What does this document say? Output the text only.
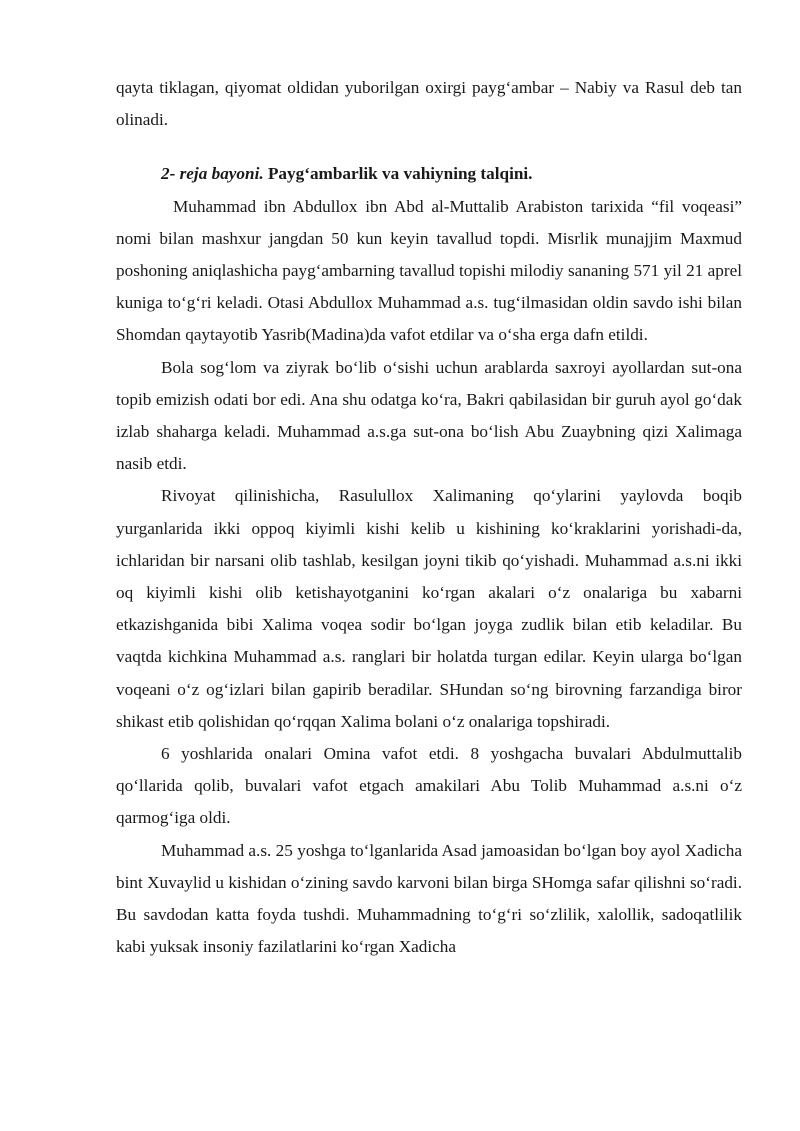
qayta tiklagan, qiyomat oldidan yuborilgan oxirgi payg‘ambar – Nabiy va Rasul deb tan olinadi.

2- reja bayoni. Payg‘ambarlik va vahiyning talqini.

Muhammad ibn Abdullox ibn Abd al-Muttalib Arabiston tarixida “fil voqeasi” nomi bilan mashxur jangdan 50 kun keyin tavallud topdi. Misrlik munajjim Maxmud poshoning aniqlashicha payg‘ambarning tavallud topishi milodiy sananing 571 yil 21 aprel kuniga to‘g‘ri keladi. Otasi Abdullox Muhammad a.s. tug‘ilmasidan oldin savdo ishi bilan Shomdan qaytayotib Yasrib(Madina)da vafot etdilar va o‘sha erga dafn etildi.

Bola sog‘lom va ziyrak bo‘lib o‘sishi uchun arablarda saxroyi ayollardan sut-ona topib emizish odati bor edi. Ana shu odatga ko‘ra, Bakri qabilasidan bir guruh ayol go‘dak izlab shaharga keladi. Muhammad a.s.ga sut-ona bo‘lish Abu Zuaybning qizi Xalimaga nasib etdi.

Rivoyat qilinishicha, Rasulullox Xalimaning qo‘ylarini yaylovda boqib yurganlarida ikki oppoq kiyimli kishi kelib u kishining ko‘kraklarini yorishadi-da, ichlaridan bir narsani olib tashlab, kesilgan joyni tikib qo‘yishadi. Muhammad a.s.ni ikki oq kiyimli kishi olib ketishayotganini ko‘rgan akalari o‘z onalariga bu xabarni etkazishganida bibi Xalima voqea sodir bo‘lgan joyga zudlik bilan etib keladilar. Bu vaqtda kichkina Muhammad a.s. ranglari bir holatda turgan edilar. Keyin ularga bo‘lgan voqeani o‘z og‘izlari bilan gapirib beradilar. SHundan so‘ng birovning farzandiga biror shikast etib qolishidan qo‘rqqan Xalima bolani o‘z onalariga topshiradi.

6 yoshlarida onalari Omina vafot etdi. 8 yoshgacha buvalari Abdulmuttalib qo‘llarida qolib, buvalari vafot etgach amakilari Abu Tolib Muhammad a.s.ni o‘z qarmog‘iga oldi.

Muhammad a.s. 25 yoshga to‘lganlarida Asad jamoasidan bo‘lgan boy ayol Xadicha bint Xuvaylid u kishidan o‘zining savdo karvoni bilan birga SHomga safar qilishni so‘radi. Bu savdodan katta foyda tushdi. Muhammadning to‘g‘ri so‘zlilik, xalollik, sadoqatlilik kabi yuksak insoniy fazilatlarini ko‘rgan Xadicha
